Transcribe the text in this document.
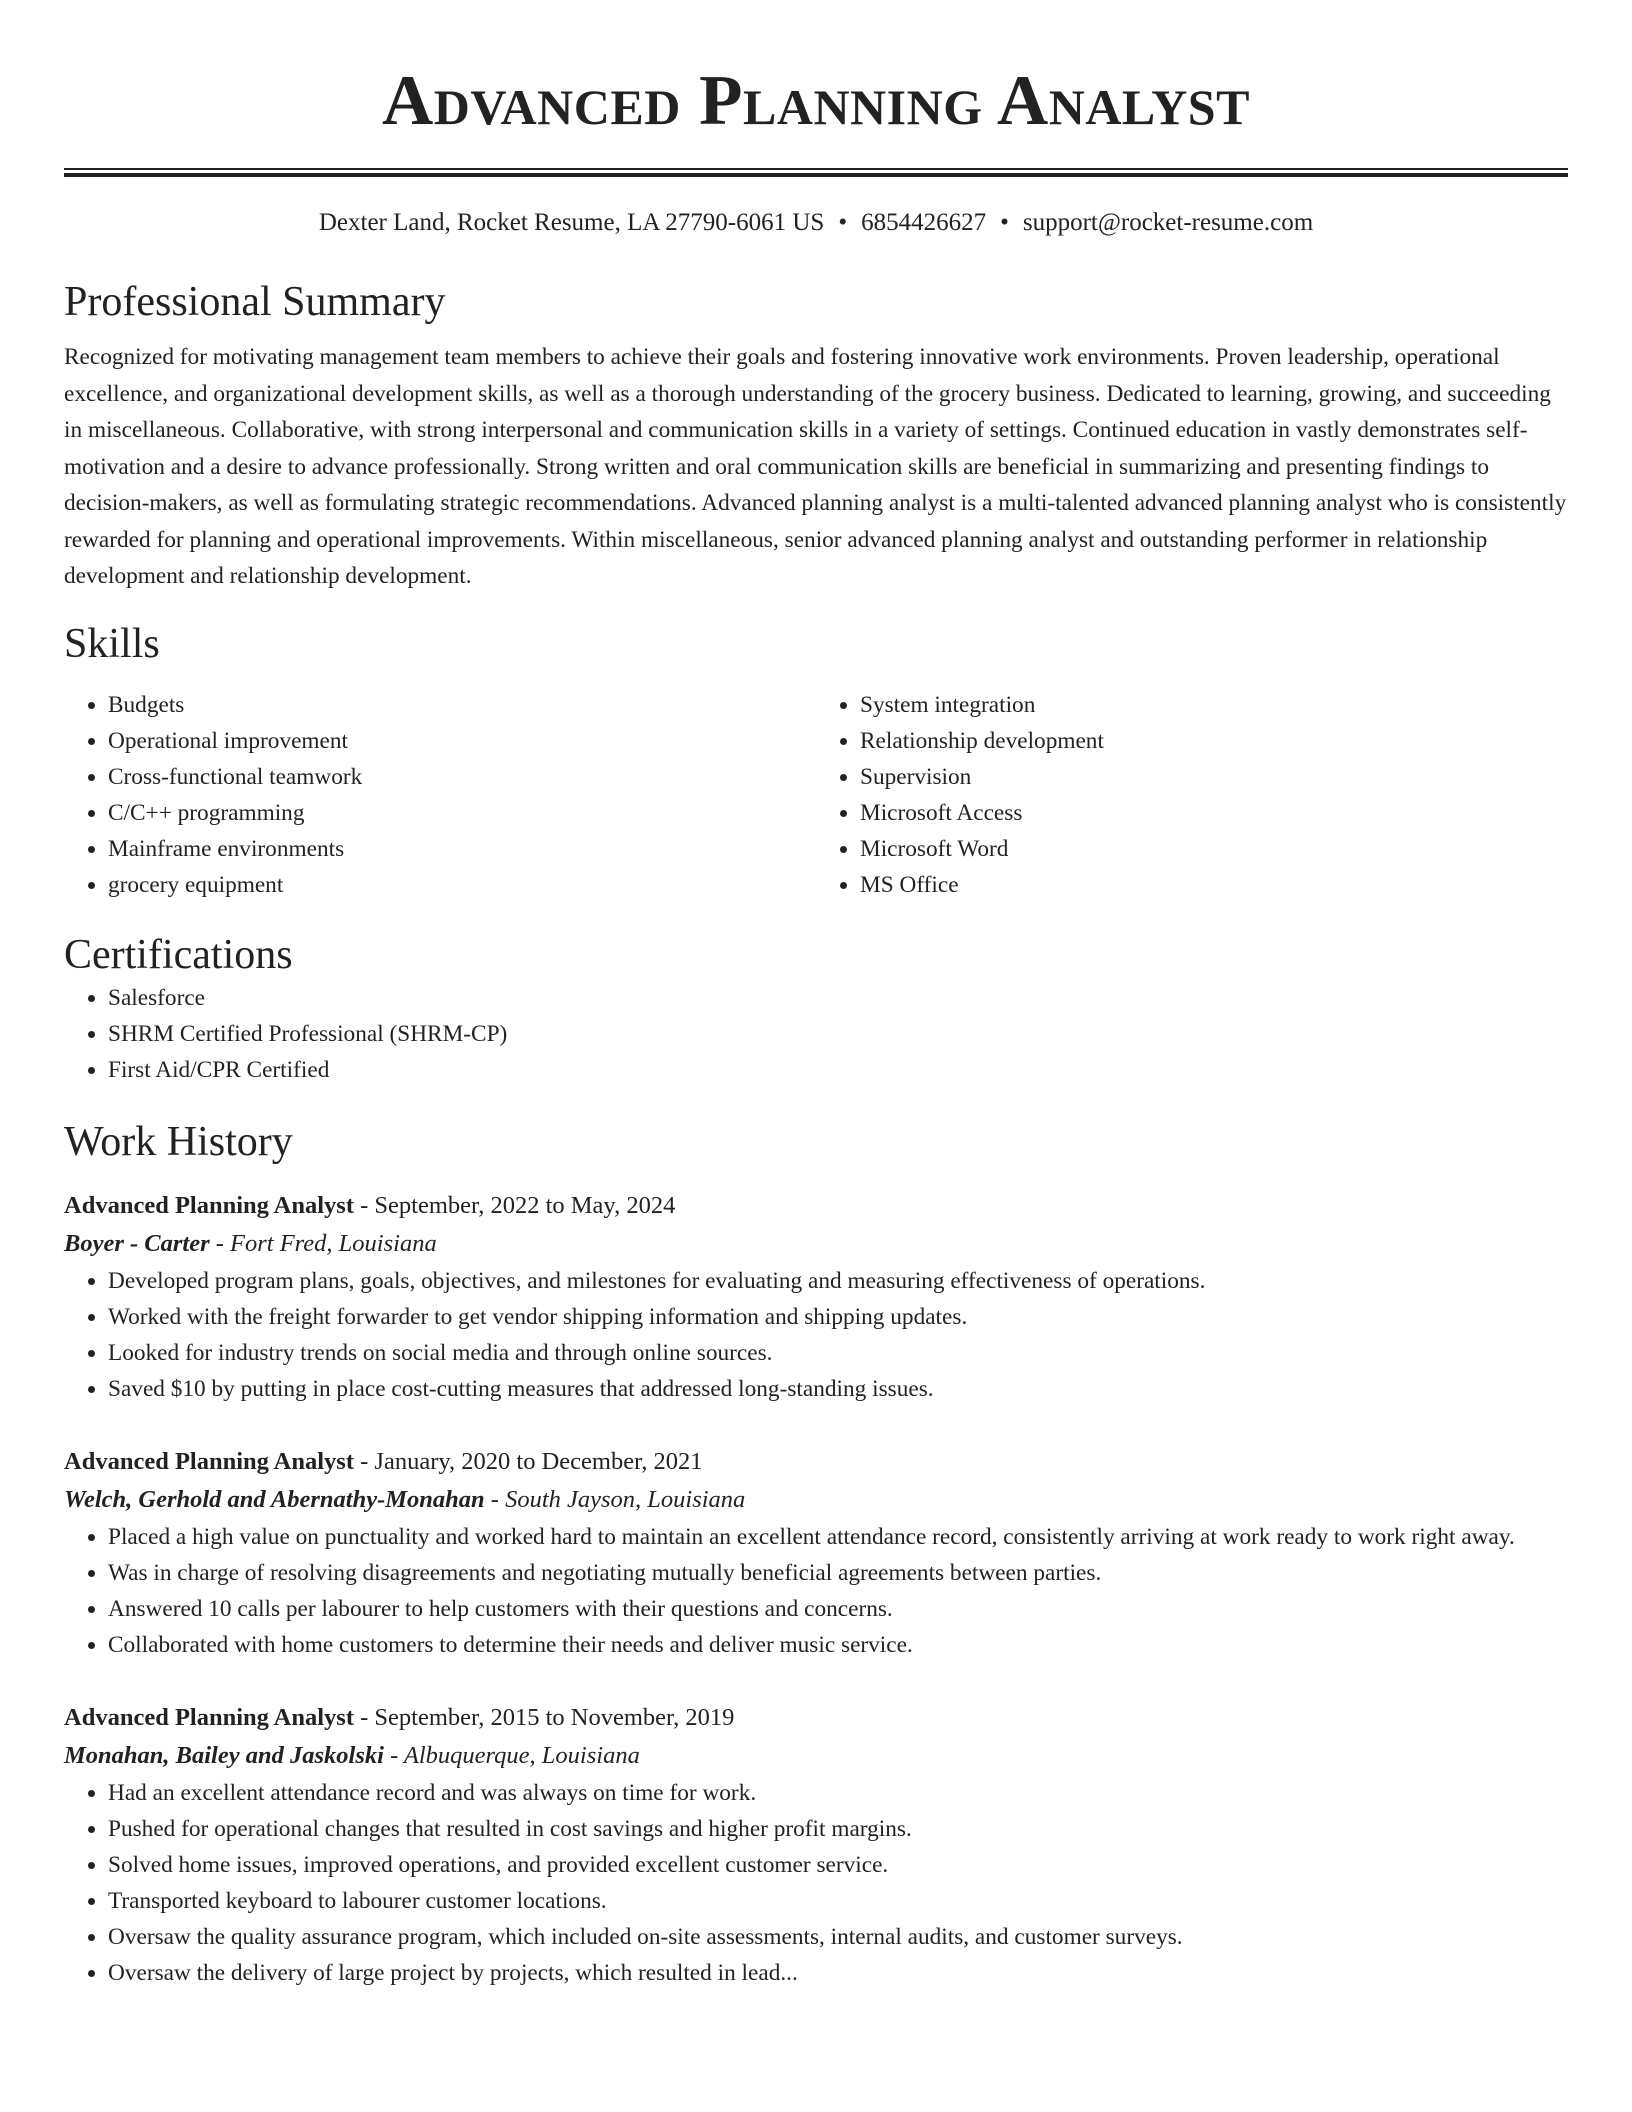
Advanced Planning Analyst
Dexter Land, Rocket Resume, LA 27790-6061 US • 6854426627 • support@rocket-resume.com
Professional Summary

Recognized for motivating management team members to achieve their goals and fostering innovative work environments. Proven leadership, operational excellence, and organizational development skills, as well as a thorough understanding of the grocery business. Dedicated to learning, growing, and succeeding in miscellaneous. Collaborative, with strong interpersonal and communication skills in a variety of settings. Continued education in vastly demonstrates self-motivation and a desire to advance professionally. Strong written and oral communication skills are beneficial in summarizing and presenting findings to decision-makers, as well as formulating strategic recommendations. Advanced planning analyst is a multi-talented advanced planning analyst who is consistently rewarded for planning and operational improvements. Within miscellaneous, senior advanced planning analyst and outstanding performer in relationship development and relationship development.

Skills
• Budgets
• Operational improvement
• Cross-functional teamwork
• C/C++ programming
• Mainframe environments
• grocery equipment
• System integration
• Relationship development
• Supervision
• Microsoft Access
• Microsoft Word
• MS Office
Certifications
• Salesforce
• SHRM Certified Professional (SHRM-CP)
• First Aid/CPR Certified
Work History
Advanced Planning Analyst - September, 2022 to May, 2024
Boyer - Carter - Fort Fred, Louisiana
• Developed program plans, goals, objectives, and milestones for evaluating and measuring effectiveness of operations.
• Worked with the freight forwarder to get vendor shipping information and shipping updates.
• Looked for industry trends on social media and through online sources.
• Saved $10 by putting in place cost-cutting measures that addressed long-standing issues.
Advanced Planning Analyst - January, 2020 to December, 2021
Welch, Gerhold and Abernathy-Monahan - South Jayson, Louisiana
• Placed a high value on punctuality and worked hard to maintain an excellent attendance record, consistently arriving at work ready to work right away.
• Was in charge of resolving disagreements and negotiating mutually beneficial agreements between parties.
• Answered 10 calls per labourer to help customers with their questions and concerns.
• Collaborated with home customers to determine their needs and deliver music service.
Advanced Planning Analyst - September, 2015 to November, 2019
Monahan, Bailey and Jaskolski - Albuquerque, Louisiana
• Had an excellent attendance record and was always on time for work.
• Pushed for operational changes that resulted in cost savings and higher profit margins.
• Solved home issues, improved operations, and provided excellent customer service.
• Transported keyboard to labourer customer locations.
• Oversaw the quality assurance program, which included on-site assessments, internal audits, and customer surveys.
• Oversaw the delivery of large project by projects, which resulted in lead...
